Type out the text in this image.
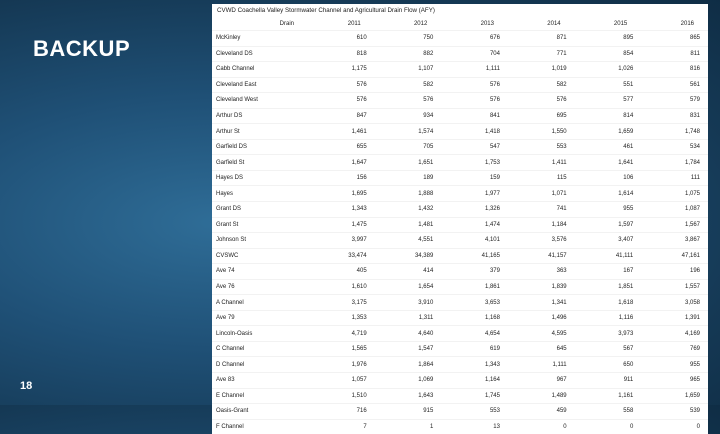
BACKUP
18
CVWD Coachella Valley Stormwater Channel and Agricultural Drain Flow (AFY)
Drain	2011	2012	2013	2014	2015	2016
McKinley	610	750	676	871	895	865
Cleveland DS	818	882	704	771	854	811
Cabb Channel	1,175	1,107	1,111	1,019	1,026	816
Cleveland East	576	582	576	582	551	561
Cleveland West	576	576	576	576	577	579
Arthur DS	847	934	841	695	814	831
Arthur St	1,461	1,574	1,418	1,550	1,659	1,748
Garfield DS	655	705	547	553	461	534
Garfield St	1,647	1,651	1,753	1,411	1,641	1,784
Hayes DS	156	189	159	115	106	111
Hayes	1,695	1,888	1,977	1,071	1,614	1,075
Grant DS	1,343	1,432	1,326	741	955	1,087
Grant St	1,475	1,481	1,474	1,184	1,597	1,567
Johnson St	3,997	4,551	4,101	3,576	3,407	3,867
CVSWC	33,474	34,389	41,165	41,157	41,111	47,161
Ave 74	405	414	379	363	167	196
Ave 76	1,610	1,654	1,861	1,839	1,851	1,557
A Channel	3,175	3,910	3,653	1,341	1,618	3,058
Ave 79	1,353	1,311	1,168	1,496	1,116	1,391
Lincoln-Oasis	4,719	4,640	4,654	4,595	3,973	4,169
C Channel	1,565	1,547	619	645	567	769
D Channel	1,976	1,864	1,343	1,111	650	955
Ave 83	1,057	1,069	1,164	967	911	965
E Channel	1,510	1,643	1,745	1,489	1,161	1,659
Oasis-Grant	716	915	553	459	558	539
F Channel	7	1	13	0	0	0
